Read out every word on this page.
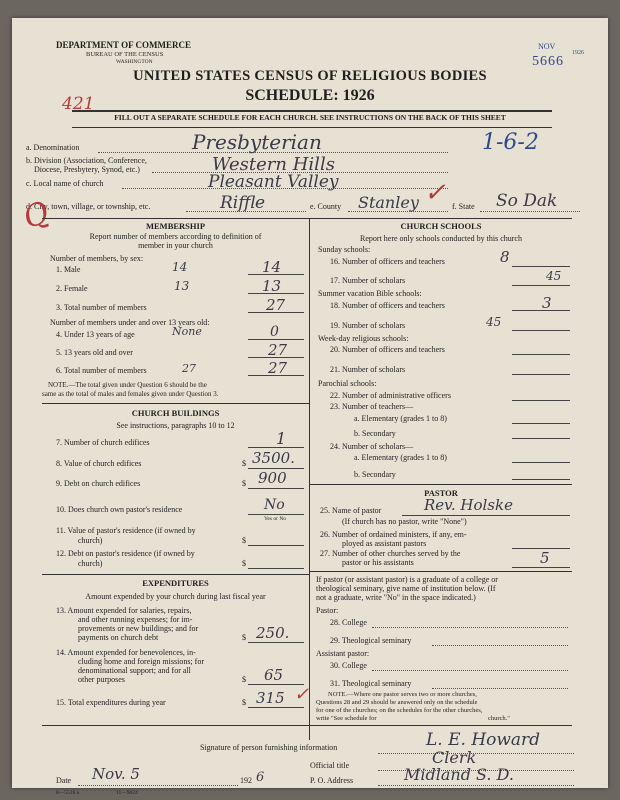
DEPARTMENT OF COMMERCE
BUREAU OF THE CENSUS
WASHINGTON
NOV
1926
5666
UNITED STATES CENSUS OF RELIGIOUS BODIES
SCHEDULE: 1926
421
FILL OUT A SEPARATE SCHEDULE FOR EACH CHURCH. SEE INSTRUCTIONS ON THE BACK OF THIS SHEET
a. Denomination	Presbyterian	1-6-2
b. Division (Association, Conference,
Diocese, Presbytery, Synod, etc.)	Western Hills
c. Local name of church	Pleasant Valley
d. City, town, village, or township, etc.	Riffle	e. County Stanley ✓ f. State So Dak
Q	MEMBERSHIP
Report number of members according to definition of
member in your church
Number of members, by sex:
1. Male	14	14
2. Female	13	13
3. Total number of members	27
Number of members under and over 13 years old:
4. Under 13 years of age	None	0
5. 13 years old and over	27
6. Total number of members	27	27
NOTE.—The total given under Question 6 should be the
same as the total of males and females given under Question 3.
CHURCH BUILDINGS
See instructions, paragraphs 10 to 12
7. Number of church edifices	1
8. Value of church edifices	$ 3500.
9. Debt on church edifices	$ 900
10. Does church own pastor's residence	No
Yes or No
11. Value of pastor's residence (if owned by
church)	$
12. Debt on pastor's residence (if owned by
church)	$
EXPENDITURES
Amount expended by your church during last fiscal year
13. Amount expended for salaries, repairs,
and other running expenses; for im-
provements or new buildings; and for
payments on church debt	$ 250.
14. Amount expended for benevolences, in-
cluding home and foreign missions; for
denominational support; and for all
other purposes	$ 65
15. Total expenditures during year	$ 315 ✓
CHURCH SCHOOLS
Report here only schools conducted by this church
Sunday schools:
16. Number of officers and teachers	8
17. Number of scholars	45
Summer vacation Bible schools:
18. Number of officers and teachers	3
19. Number of scholars	45
Week-day religious schools:
20. Number of officers and teachers
21. Number of scholars
Parochial schools:
22. Number of administrative officers
23. Number of teachers—
a. Elementary (grades 1 to 8)
b. Secondary
24. Number of scholars—
a. Elementary (grades 1 to 8)
b. Secondary
PASTOR
25. Name of pastor	Rev. Holske
(If church has no pastor, write "None")
26. Number of ordained ministers, if any, em-
ployed as assistant pastors
27. Number of other churches served by the
pastor or his assistants	5
If pastor (or assistant pastor) is a graduate of a college or
theological seminary, give name of institution below. (If
not a graduate, write "No" in the space indicated.)
Pastor:
28. College
29. Theological seminary
Assistant pastor:
30. College
31. Theological seminary
NOTE.—Where one pastor serves two or more churches,
Questions 28 and 29 should be answered only on the schedule
for one of the churches; on the schedules for the other churches,
write "See schedule for	church."
Signature of person furnishing information	L. E. Howard
Official title	Clerk
Date Nov. 5	192 6	P. O. Address	Midland S. D.
8—5518 a	11—9024
